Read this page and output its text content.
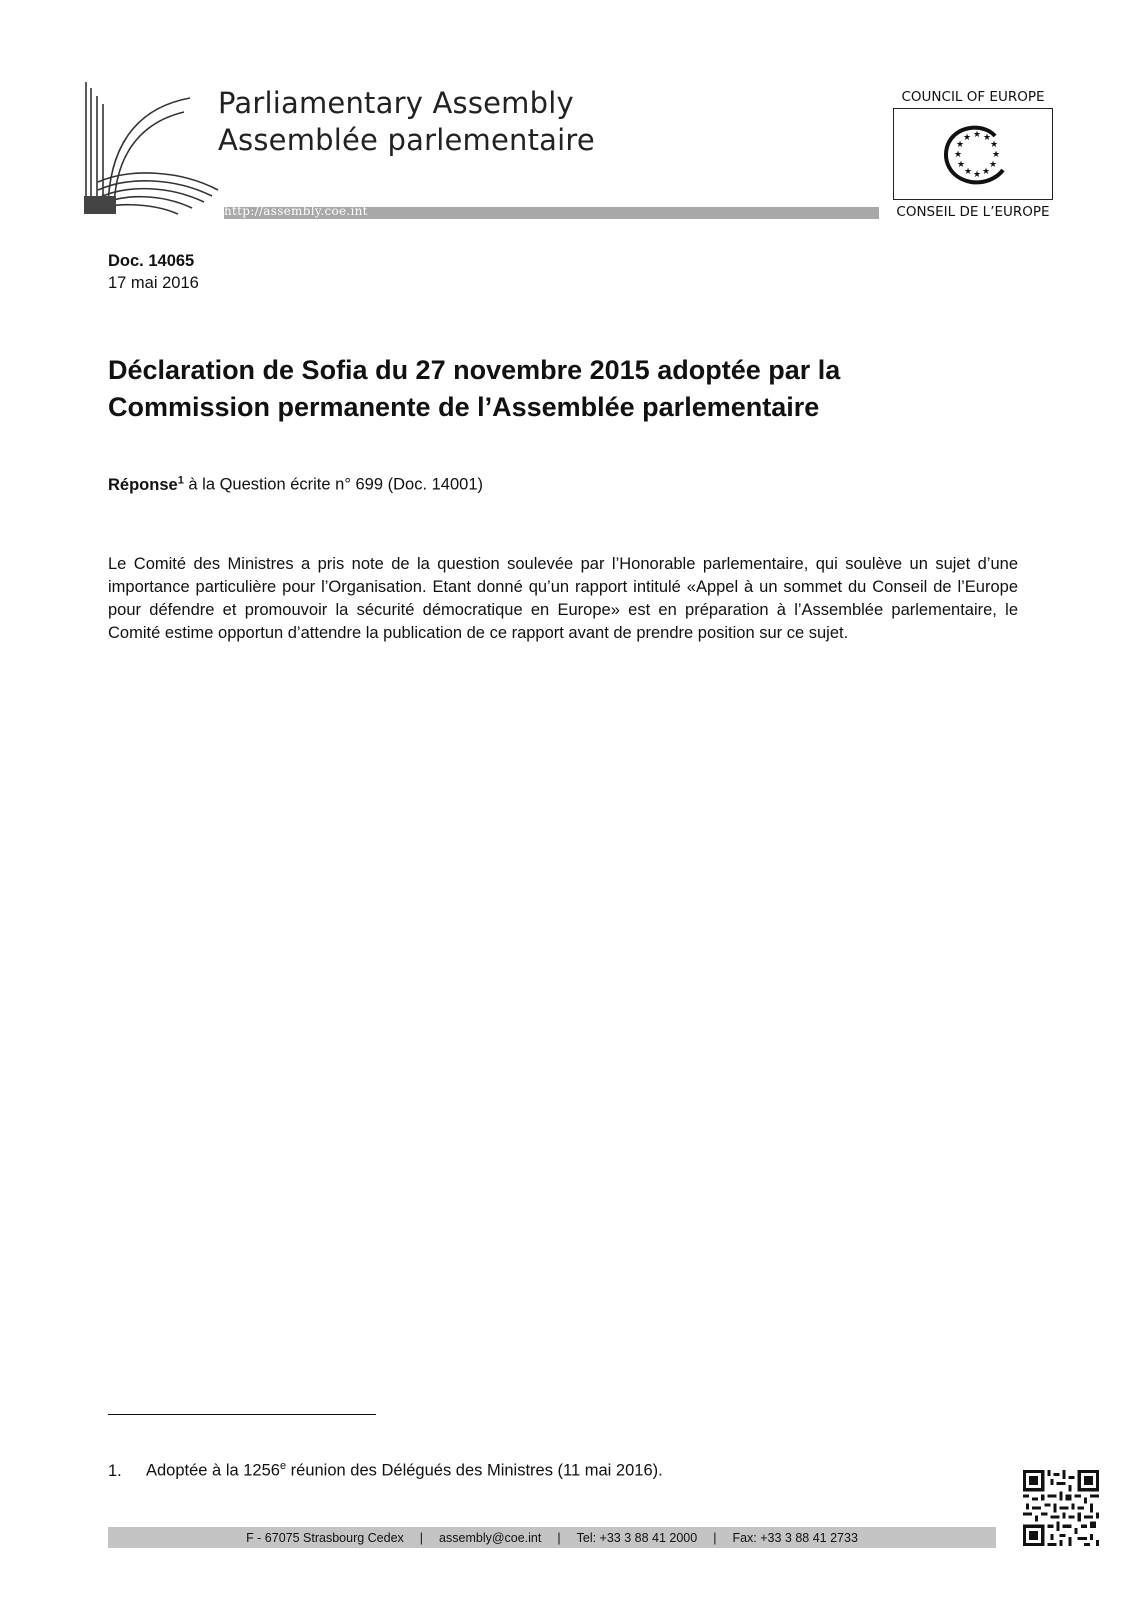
Parliamentary Assembly
Assemblée parlementaire
http://assembly.coe.int
COUNCIL OF EUROPE
★ ★
★
★
★
★
★
★
★
★
★
★
CONSEIL DE L’EUROPE
Doc. 14065
17 mai 2016
Déclaration de Sofia du 27 novembre 2015 adoptée par la Commission permanente de l’Assemblée parlementaire
Réponse$^1$ à la Question écrite n° 699 (Doc. 14001)
Le Comité des Ministres a pris note de la question soulevée par l’Honorable parlementaire, qui soulève un sujet d’une importance particulière pour l’Organisation. Etant donné qu’un rapport intitulé «Appel à un sommet du Conseil de l’Europe pour défendre et promouvoir la sécurité démocratique en Europe» est en préparation à l’Assemblée parlementaire, le Comité estime opportun d’attendre la publication de ce rapport avant de prendre position sur ce sujet.
1. Adoptée à la 1256e réunion des Délégués des Ministres (11 mai 2016).
F - 67075 Strasbourg Cedex | assembly@coe.int | Tel: +33 3 88 41 2000 | Fax: +33 3 88 41 2733
